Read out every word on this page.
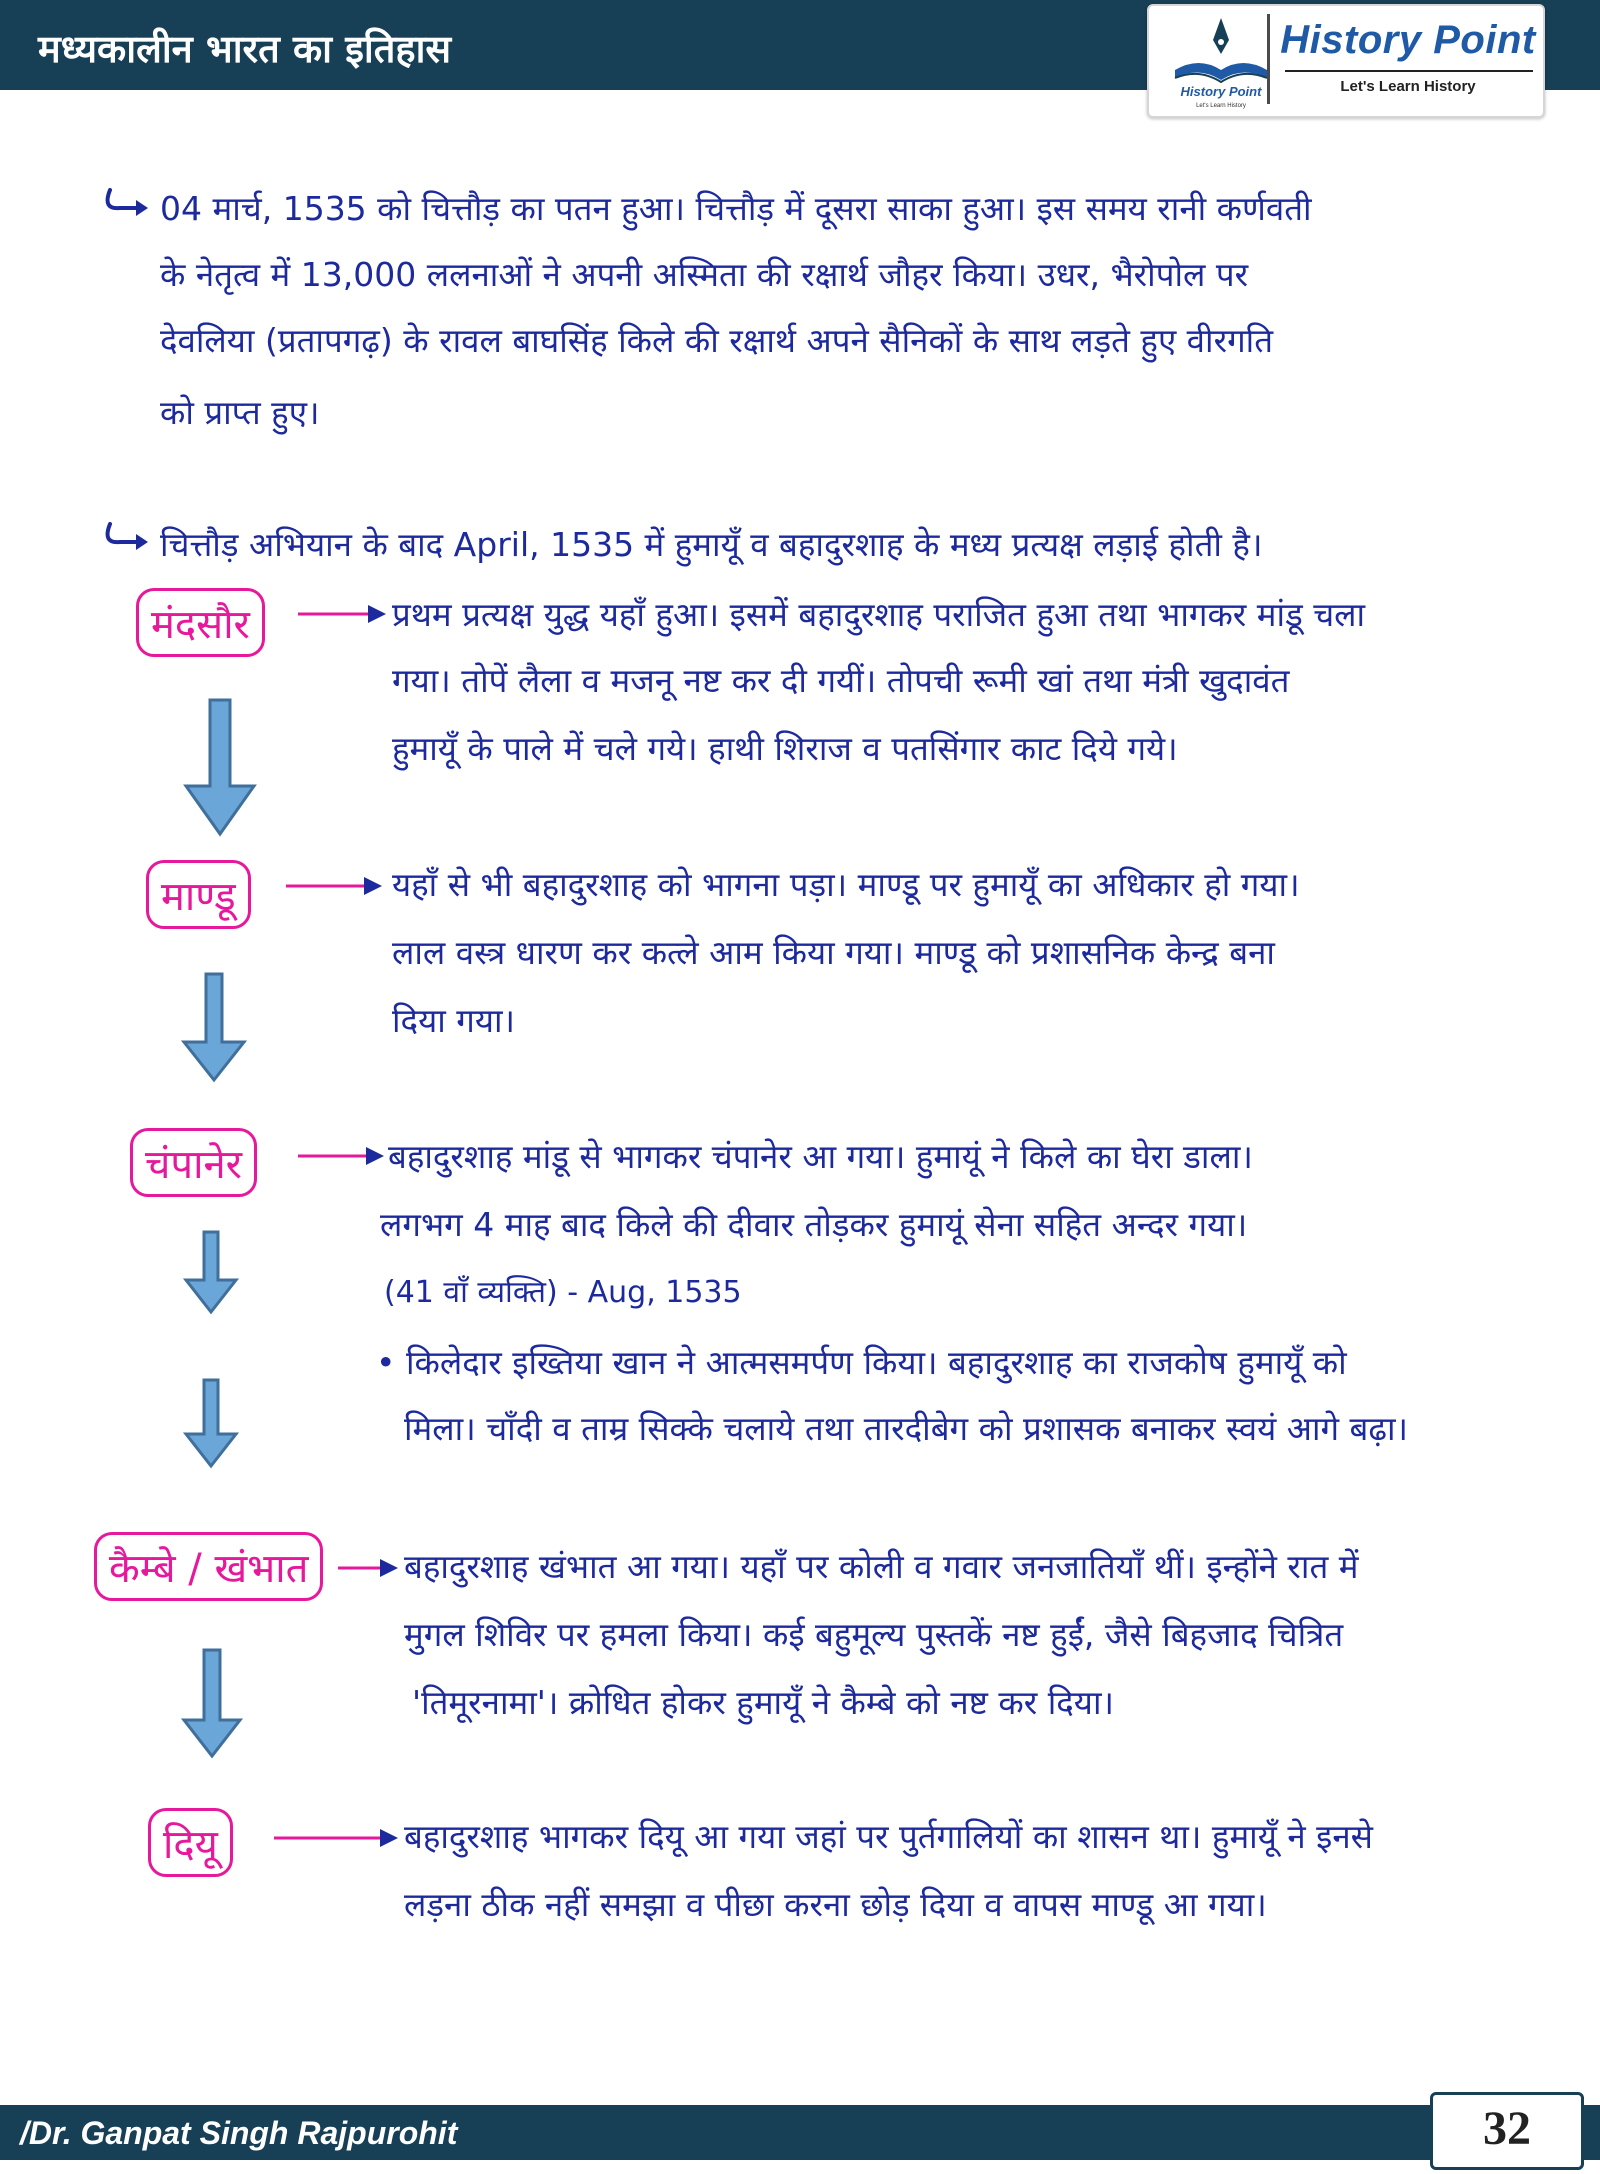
मध्यकालीन भारत का इतिहास
History Point
Let's Learn History
History Point
Let's Learn History
04 मार्च, 1535 को चित्तौड़ का पतन हुआ। चित्तौड़ में दूसरा साका हुआ। इस समय रानी कर्णवती
के नेतृत्व में 13,000 ललनाओं ने अपनी अस्मिता की रक्षार्थ जौहर किया। उधर, भैरोपोल पर
देवलिया (प्रतापगढ़) के रावल बाघसिंह किले की रक्षार्थ अपने सैनिकों के साथ लड़ते हुए वीरगति
को प्राप्त हुए।
चित्तौड़ अभियान के बाद April, 1535 में हुमायूँ व बहादुरशाह के मध्य प्रत्यक्ष लड़ाई होती है।
मंदसौर	प्रथम प्रत्यक्ष युद्ध यहाँ हुआ। इसमें बहादुरशाह पराजित हुआ तथा भागकर मांडू चला
गया। तोपें लैला व मजनू नष्ट कर दी गयीं। तोपची रूमी खां तथा मंत्री खुदावंत
हुमायूँ के पाले में चले गये। हाथी शिराज व पतसिंगार काट दिये गये।
माण्डू	यहाँ से भी बहादुरशाह को भागना पड़ा। माण्डू पर हुमायूँ का अधिकार हो गया।
लाल वस्त्र धारण कर कत्ले आम किया गया। माण्डू को प्रशासनिक केन्द्र बना
दिया गया।
चंपानेर	बहादुरशाह मांडू से भागकर चंपानेर आ गया। हुमायूं ने किले का घेरा डाला।
लगभग 4 माह बाद किले की दीवार तोड़कर हुमायूं सेना सहित अन्दर गया।
(41 वाँ व्यक्ति) - Aug, 1535
• किलेदार इख्तिया खान ने आत्मसमर्पण किया। बहादुरशाह का राजकोष हुमायूँ को
मिला। चाँदी व ताम्र सिक्के चलाये तथा तारदीबेग को प्रशासक बनाकर स्वयं आगे बढ़ा।
कैम्बे / खंभात	बहादुरशाह खंभात आ गया। यहाँ पर कोली व गवार जनजातियाँ थीं। इन्होंने रात में
मुगल शिविर पर हमला किया। कई बहुमूल्य पुस्तकें नष्ट हुईं, जैसे बिहजाद चित्रित
'तिमूरनामा'। क्रोधित होकर हुमायूँ ने कैम्बे को नष्ट कर दिया।
दियू	बहादुरशाह भागकर दियू आ गया जहां पर पुर्तगालियों का शासन था। हुमायूँ ने इनसे
लड़ना ठीक नहीं समझा व पीछा करना छोड़ दिया व वापस माण्डू आ गया।
/Dr. Ganpat Singh Rajpurohit	32
